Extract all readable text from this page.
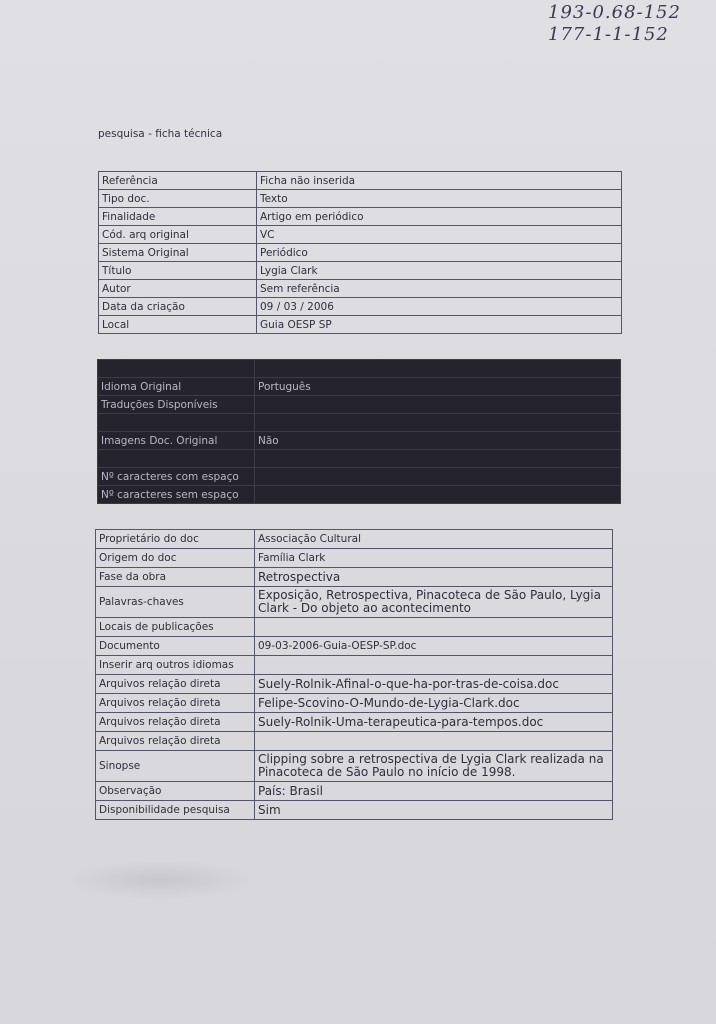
193-0.68-152
177-1-1-152
pesquisa - ficha técnica
Referência	Ficha não inserida
Tipo doc.	Texto
Finalidade	Artigo em periódico
Cód. arq original	VC
Sistema Original	Periódico
Título	Lygia Clark
Autor	Sem referência
Data da criação	09 / 03 / 2006
Local	Guia OESP SP

Idioma Original	Português
Traduções Disponíveis	

Imagens Doc. Original	Não

Nº caracteres com espaço	
Nº caracteres sem espaço	
Proprietário do doc	Associação Cultural
Origem do doc	Família Clark
Fase da obra	Retrospectiva
Palavras-chaves	Exposição, Retrospectiva, Pinacoteca de São Paulo, Lygia Clark - Do objeto ao acontecimento
Locais de publicações	
Documento	09-03-2006-Guia-OESP-SP.doc
Inserir arq outros idiomas	
Arquivos relação direta	Suely-Rolnik-Afinal-o-que-ha-por-tras-de-coisa.doc
Arquivos relação direta	Felipe-Scovino-O-Mundo-de-Lygia-Clark.doc
Arquivos relação direta	Suely-Rolnik-Uma-terapeutica-para-tempos.doc
Arquivos relação direta	
Sinopse	Clipping sobre a retrospectiva de Lygia Clark realizada na Pinacoteca de São Paulo no início de 1998.
Observação	País: Brasil
Disponibilidade pesquisa	Sim
